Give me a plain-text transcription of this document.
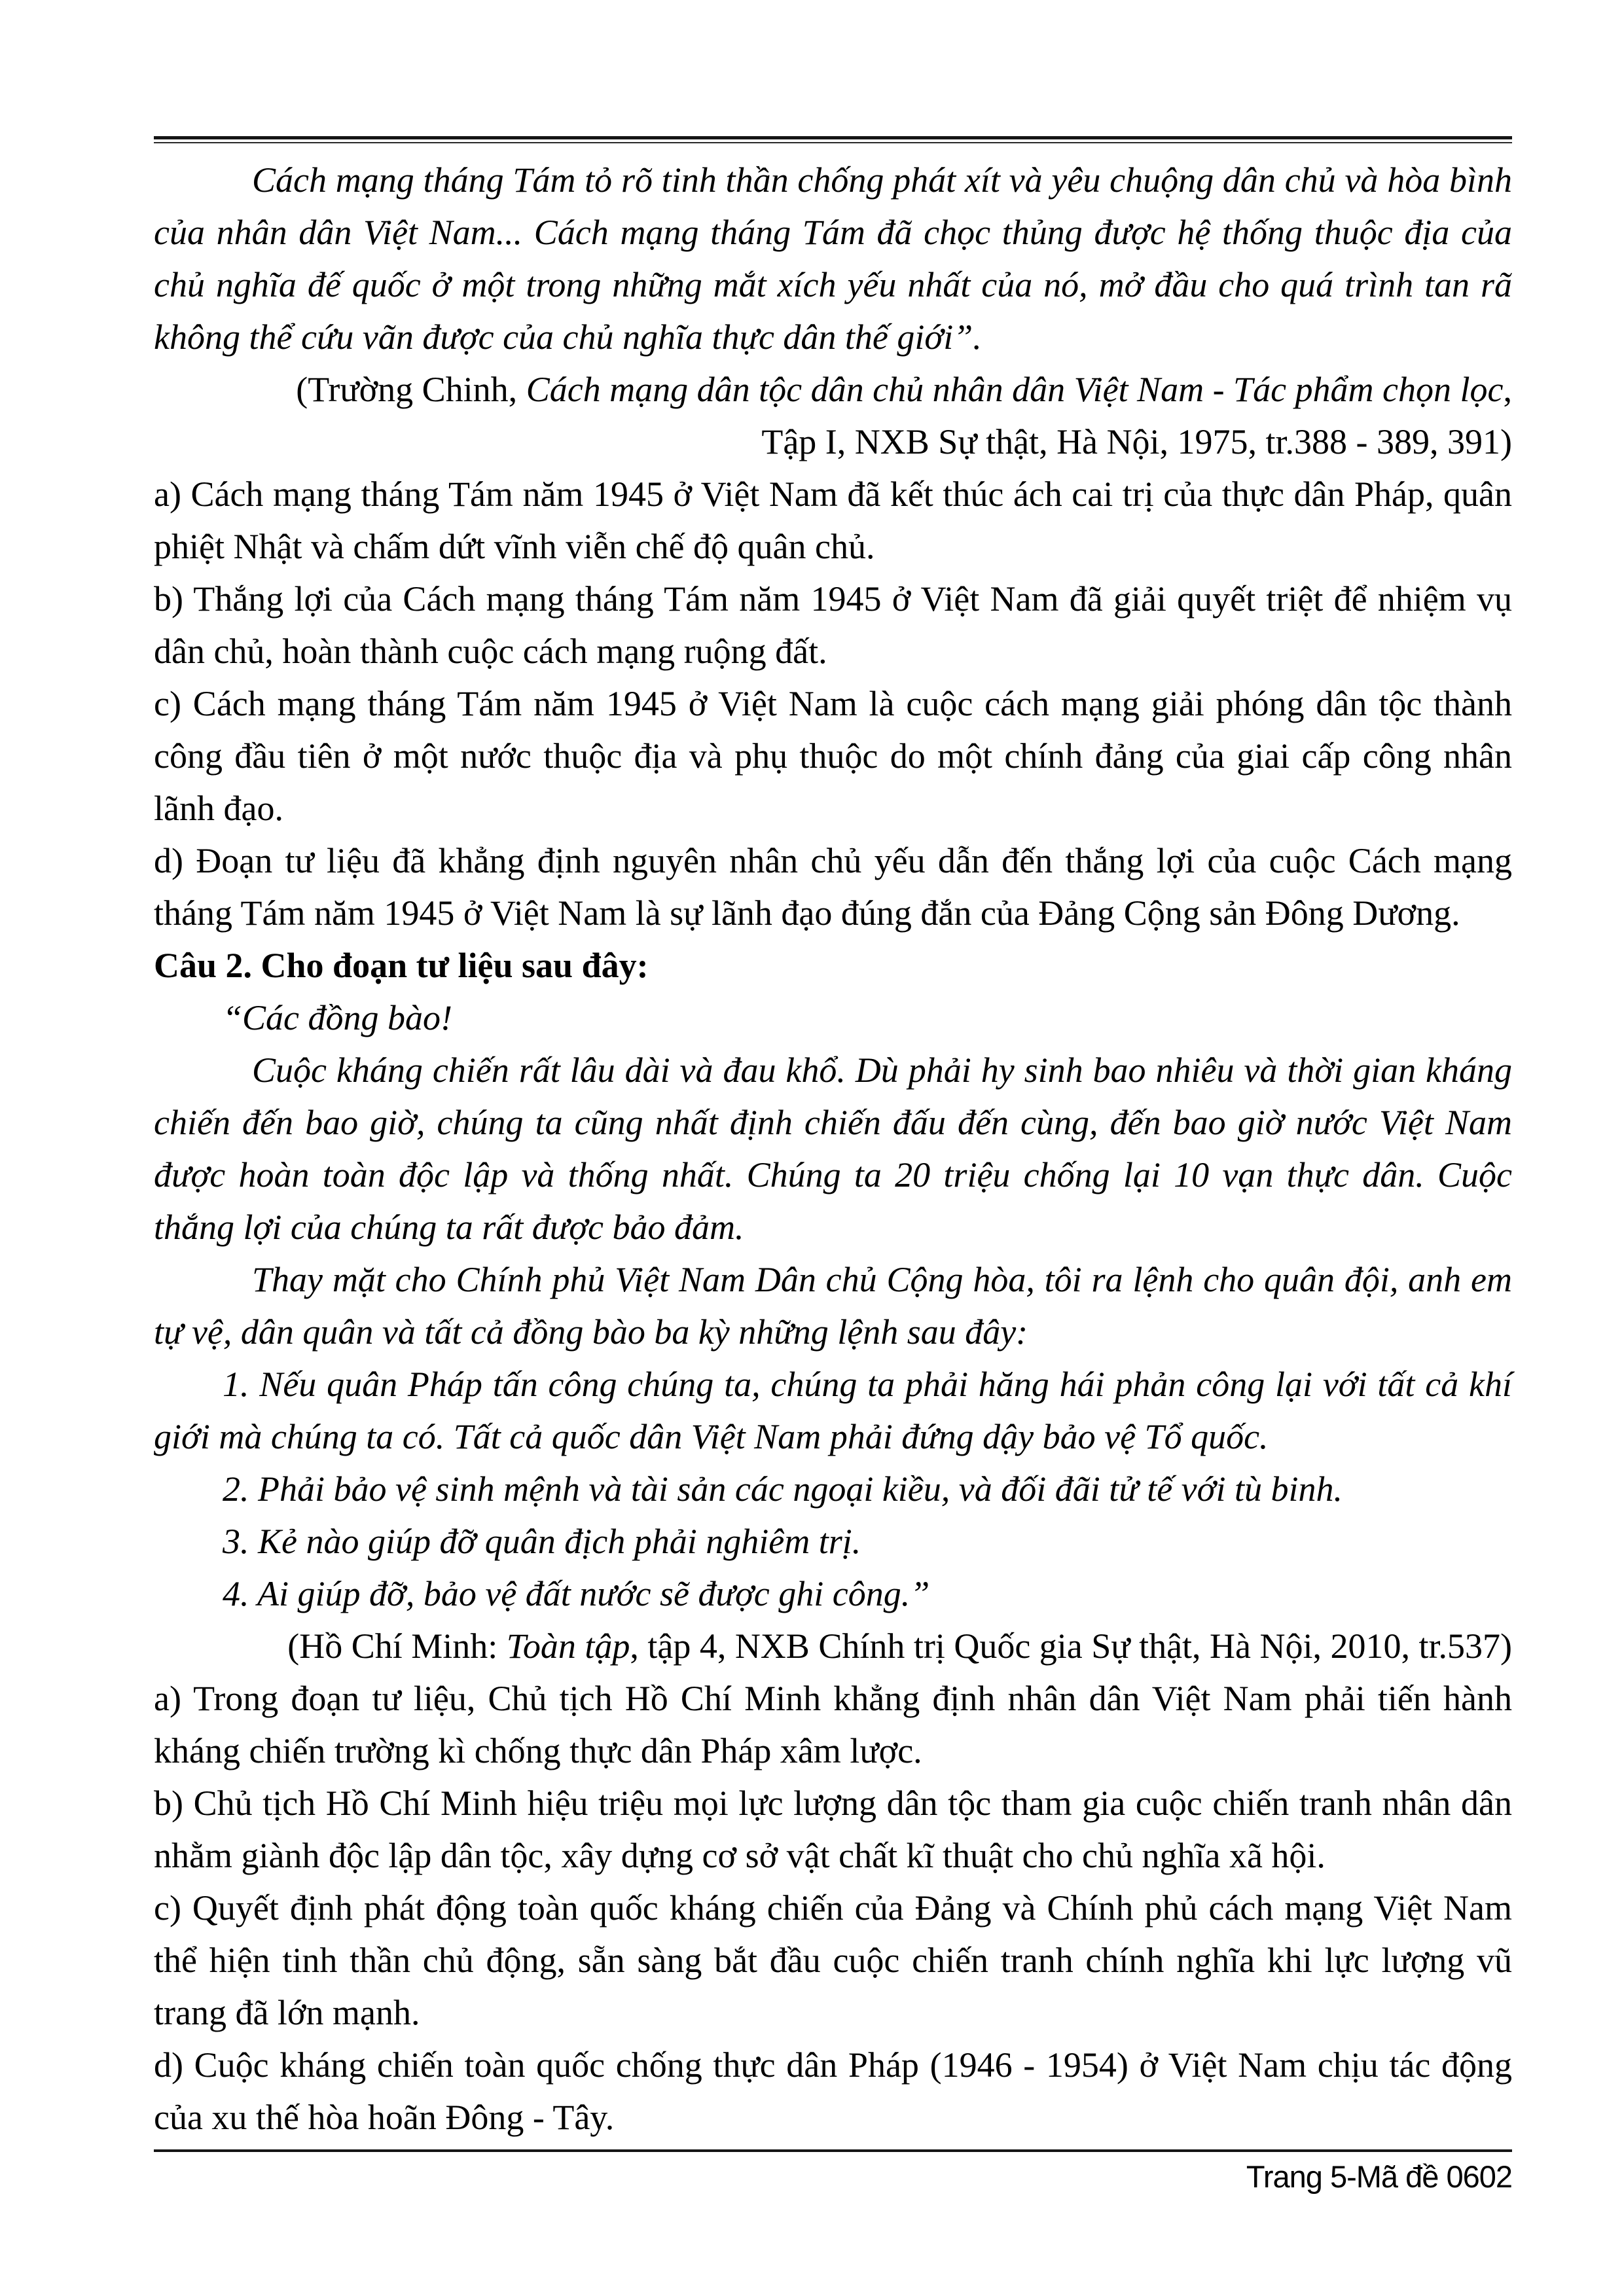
Cách mạng tháng Tám tỏ rõ tinh thần chống phát xít và yêu chuộng dân chủ và hòa bình của nhân dân Việt Nam... Cách mạng tháng Tám đã chọc thủng được hệ thống thuộc địa của chủ nghĩa đế quốc ở một trong những mắt xích yếu nhất của nó, mở đầu cho quá trình tan rã không thể cứu vãn được của chủ nghĩa thực dân thế giới”.

(Trường Chinh, Cách mạng dân tộc dân chủ nhân dân Việt Nam - Tác phẩm chọn lọc,
Tập I, NXB Sự thật, Hà Nội, 1975, tr.388 - 389, 391)

a) Cách mạng tháng Tám năm 1945 ở Việt Nam đã kết thúc ách cai trị của thực dân Pháp, quân phiệt Nhật và chấm dứt vĩnh viễn chế độ quân chủ.

b) Thắng lợi của Cách mạng tháng Tám năm 1945 ở Việt Nam đã giải quyết triệt để nhiệm vụ dân chủ, hoàn thành cuộc cách mạng ruộng đất.

c) Cách mạng tháng Tám năm 1945 ở Việt Nam là cuộc cách mạng giải phóng dân tộc thành công đầu tiên ở một nước thuộc địa và phụ thuộc do một chính đảng của giai cấp công nhân lãnh đạo.

d) Đoạn tư liệu đã khẳng định nguyên nhân chủ yếu dẫn đến thắng lợi của cuộc Cách mạng tháng Tám năm 1945 ở Việt Nam là sự lãnh đạo đúng đắn của Đảng Cộng sản Đông Dương.

Câu 2. Cho đoạn tư liệu sau đây:

“Các đồng bào!

Cuộc kháng chiến rất lâu dài và đau khổ. Dù phải hy sinh bao nhiêu và thời gian kháng chiến đến bao giờ, chúng ta cũng nhất định chiến đấu đến cùng, đến bao giờ nước Việt Nam được hoàn toàn độc lập và thống nhất. Chúng ta 20 triệu chống lại 10 vạn thực dân. Cuộc thắng lợi của chúng ta rất được bảo đảm.

Thay mặt cho Chính phủ Việt Nam Dân chủ Cộng hòa, tôi ra lệnh cho quân đội, anh em tự vệ, dân quân và tất cả đồng bào ba kỳ những lệnh sau đây:

1. Nếu quân Pháp tấn công chúng ta, chúng ta phải hăng hái phản công lại với tất cả khí giới mà chúng ta có. Tất cả quốc dân Việt Nam phải đứng dậy bảo vệ Tổ quốc.

2. Phải bảo vệ sinh mệnh và tài sản các ngoại kiều, và đối đãi tử tế với tù binh.

3. Kẻ nào giúp đỡ quân địch phải nghiêm trị.

4. Ai giúp đỡ, bảo vệ đất nước sẽ được ghi công.”

(Hồ Chí Minh: Toàn tập, tập 4, NXB Chính trị Quốc gia Sự thật, Hà Nội, 2010, tr.537)

a) Trong đoạn tư liệu, Chủ tịch Hồ Chí Minh khẳng định nhân dân Việt Nam phải tiến hành kháng chiến trường kì chống thực dân Pháp xâm lược.

b) Chủ tịch Hồ Chí Minh hiệu triệu mọi lực lượng dân tộc tham gia cuộc chiến tranh nhân dân nhằm giành độc lập dân tộc, xây dựng cơ sở vật chất kĩ thuật cho chủ nghĩa xã hội.

c) Quyết định phát động toàn quốc kháng chiến của Đảng và Chính phủ cách mạng Việt Nam thể hiện tinh thần chủ động, sẵn sàng bắt đầu cuộc chiến tranh chính nghĩa khi lực lượng vũ trang đã lớn mạnh.

d) Cuộc kháng chiến toàn quốc chống thực dân Pháp (1946 - 1954) ở Việt Nam chịu tác động của xu thế hòa hoãn Đông - Tây.

Trang 5-Mã đề 0602
